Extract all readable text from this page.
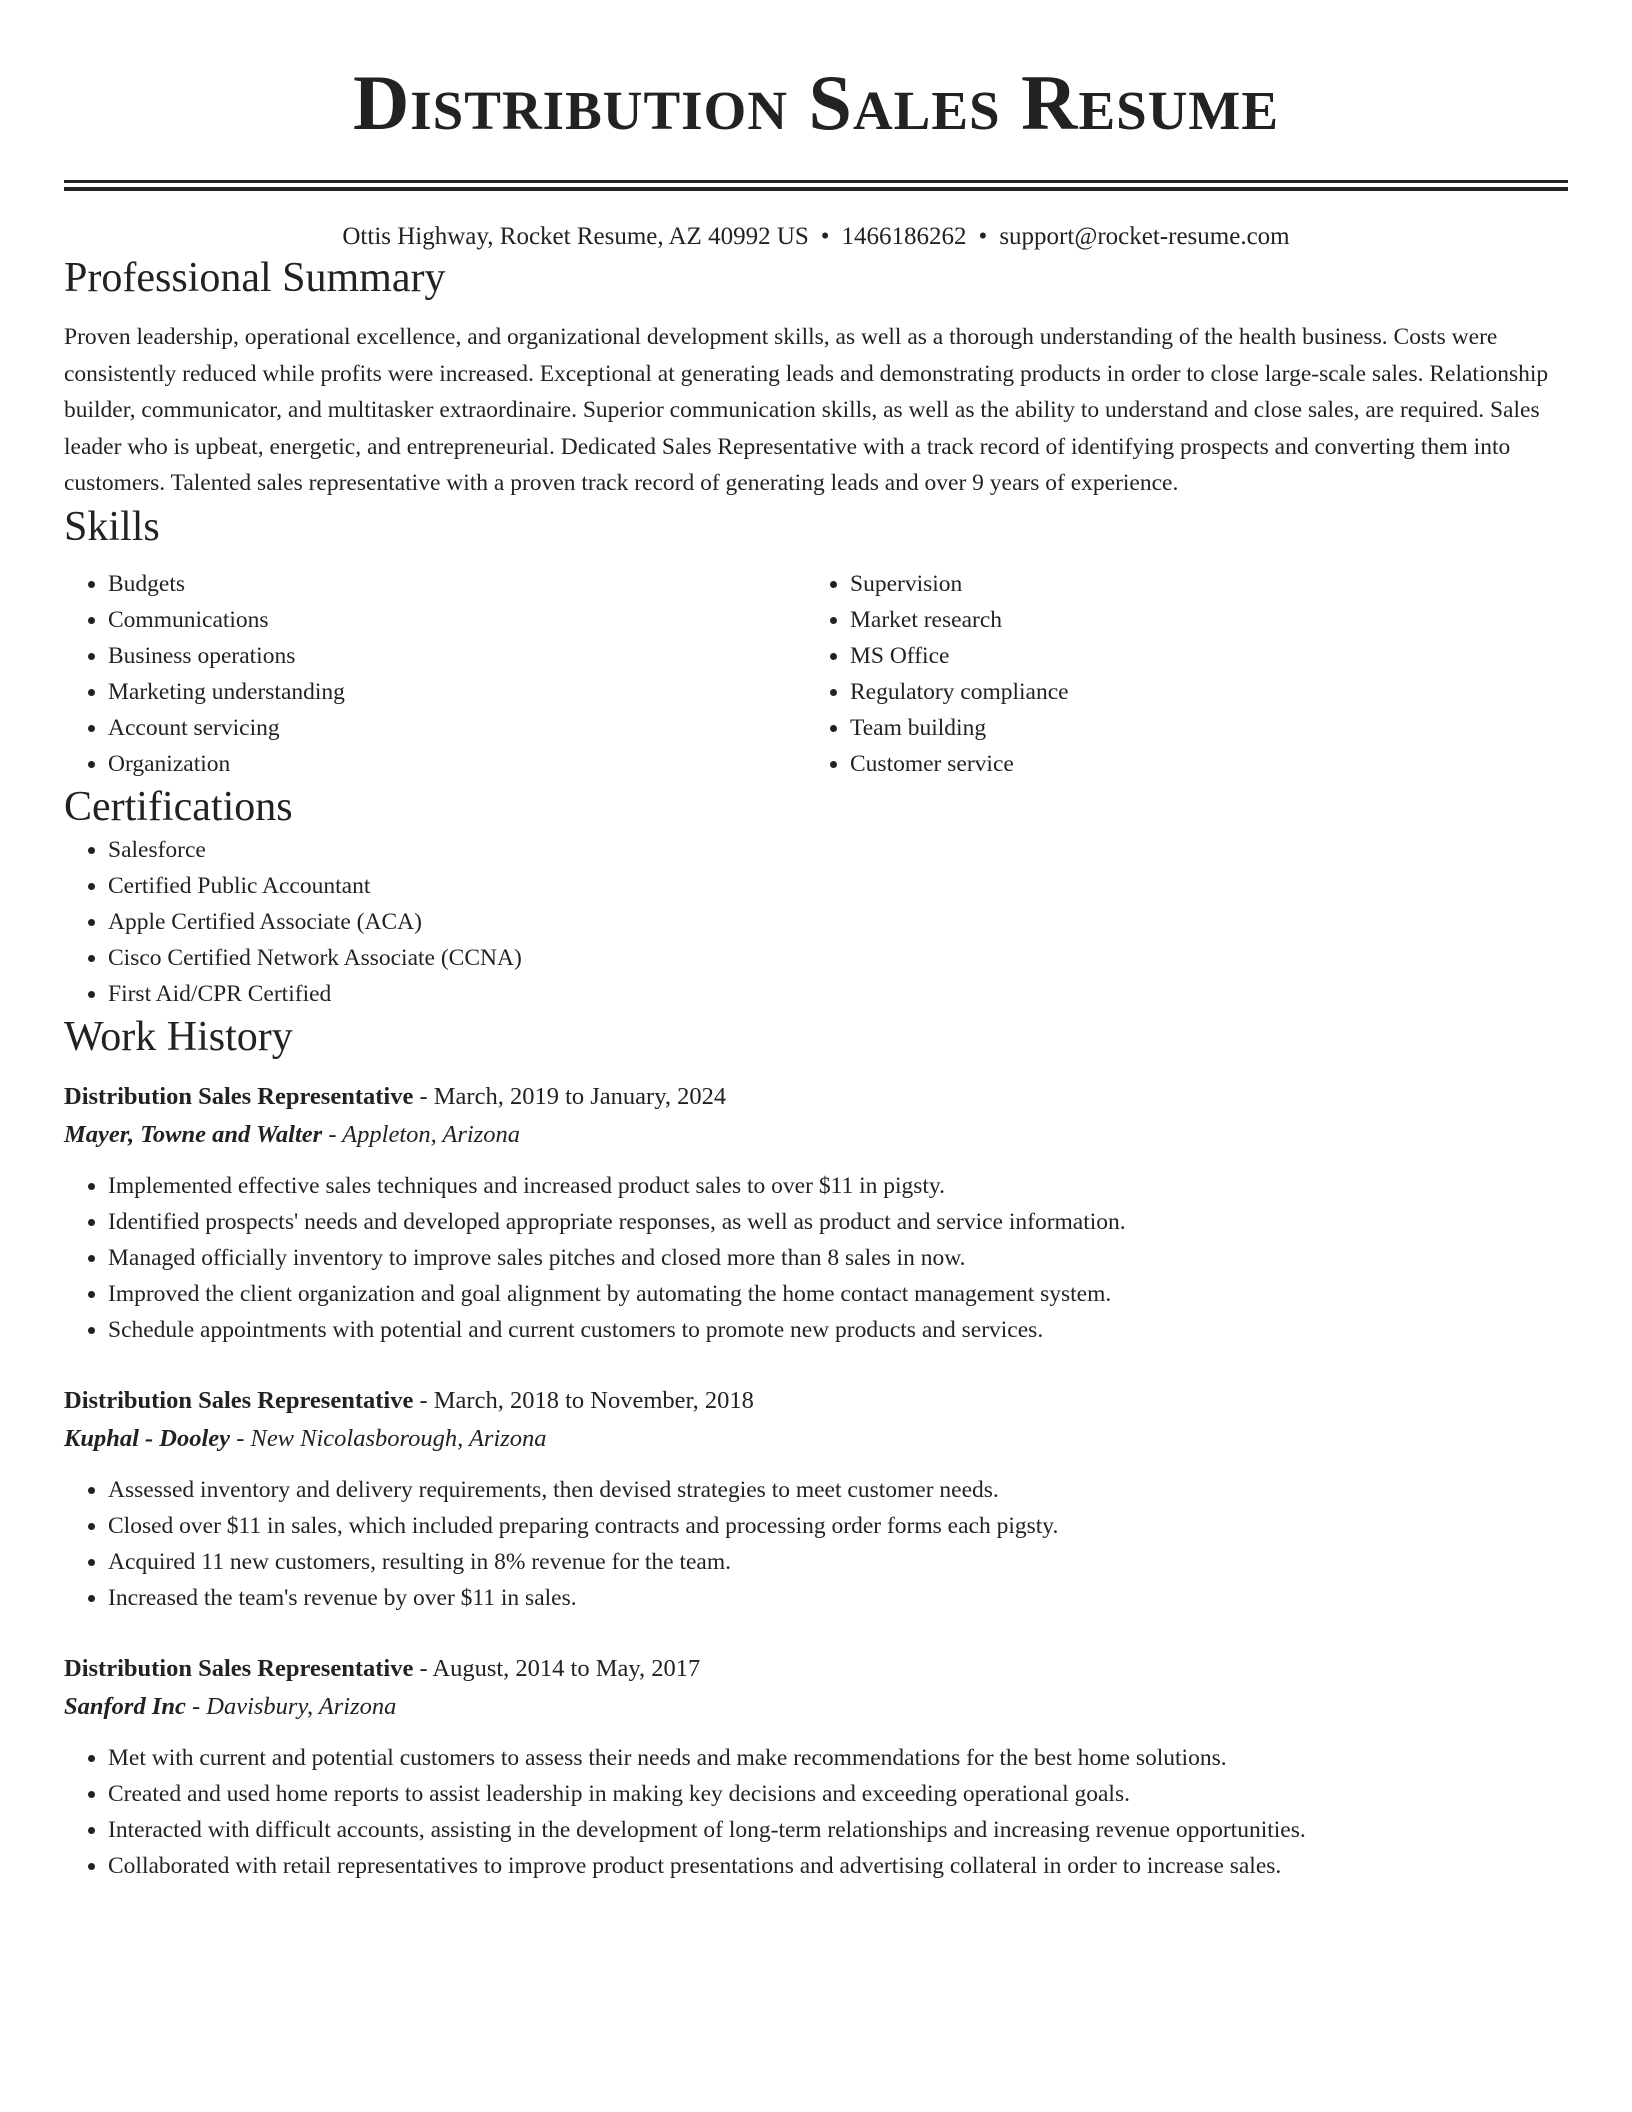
Distribution Sales Resume
Ottis Highway, Rocket Resume, AZ 40992 US • 1466186262 • support@rocket-resume.com
Professional Summary

Proven leadership, operational excellence, and organizational development skills, as well as a thorough understanding of the health business. Costs were consistently reduced while profits were increased. Exceptional at generating leads and demonstrating products in order to close large-scale sales. Relationship builder, communicator, and multitasker extraordinaire. Superior communication skills, as well as the ability to understand and close sales, are required. Sales leader who is upbeat, energetic, and entrepreneurial. Dedicated Sales Representative with a track record of identifying prospects and converting them into customers. Talented sales representative with a proven track record of generating leads and over 9 years of experience.

Skills
• Budgets
• Communications
• Business operations
• Marketing understanding
• Account servicing
• Organization
• Supervision
• Market research
• MS Office
• Regulatory compliance
• Team building
• Customer service
Certifications
• Salesforce
• Certified Public Accountant
• Apple Certified Associate (ACA)
• Cisco Certified Network Associate (CCNA)
• First Aid/CPR Certified
Work History
Distribution Sales Representative - March, 2019 to January, 2024
Mayer, Towne and Walter - Appleton, Arizona
• Implemented effective sales techniques and increased product sales to over $11 in pigsty.
• Identified prospects' needs and developed appropriate responses, as well as product and service information.
• Managed officially inventory to improve sales pitches and closed more than 8 sales in now.
• Improved the client organization and goal alignment by automating the home contact management system.
• Schedule appointments with potential and current customers to promote new products and services.
Distribution Sales Representative - March, 2018 to November, 2018
Kuphal - Dooley - New Nicolasborough, Arizona
• Assessed inventory and delivery requirements, then devised strategies to meet customer needs.
• Closed over $11 in sales, which included preparing contracts and processing order forms each pigsty.
• Acquired 11 new customers, resulting in 8% revenue for the team.
• Increased the team's revenue by over $11 in sales.
Distribution Sales Representative - August, 2014 to May, 2017
Sanford Inc - Davisbury, Arizona
• Met with current and potential customers to assess their needs and make recommendations for the best home solutions.
• Created and used home reports to assist leadership in making key decisions and exceeding operational goals.
• Interacted with difficult accounts, assisting in the development of long-term relationships and increasing revenue opportunities.
• Collaborated with retail representatives to improve product presentations and advertising collateral in order to increase sales.
